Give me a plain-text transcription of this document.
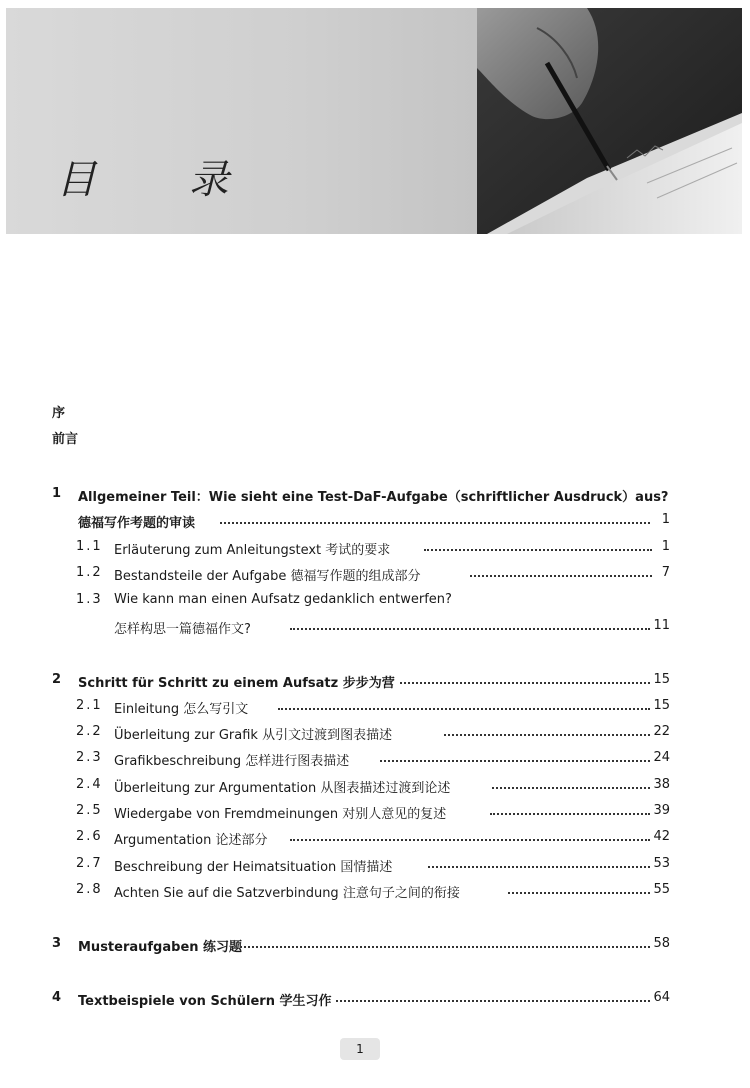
目 录
序
前言
1 Allgemeiner Teil：Wie sieht eine Test-DaF-Aufgabe（schriftlicher Ausdruck）aus?
德福写作考题的审读	1
1.1 Erläuterung zum Anleitungstext 考试的要求	1
1.2 Bestandsteile der Aufgabe 德福写作题的组成部分	7
1.3 Wie kann man einen Aufsatz gedanklich entwerfen?
怎样构思一篇德福作文?	11
2 Schritt für Schritt zu einem Aufsatz 步步为营	15
2.1 Einleitung 怎么写引文	15
2.2 Überleitung zur Grafik 从引文过渡到图表描述	22
2.3 Grafikbeschreibung 怎样进行图表描述	24
2.4 Überleitung zur Argumentation 从图表描述过渡到论述	38
2.5 Wiedergabe von Fremdmeinungen 对别人意见的复述	39
2.6 Argumentation 论述部分	42
2.7 Beschreibung der Heimatsituation 国情描述	53
2.8 Achten Sie auf die Satzverbindung 注意句子之间的衔接	55
3 Musteraufgaben 练习题	58
4 Textbeispiele von Schülern 学生习作	64
1
